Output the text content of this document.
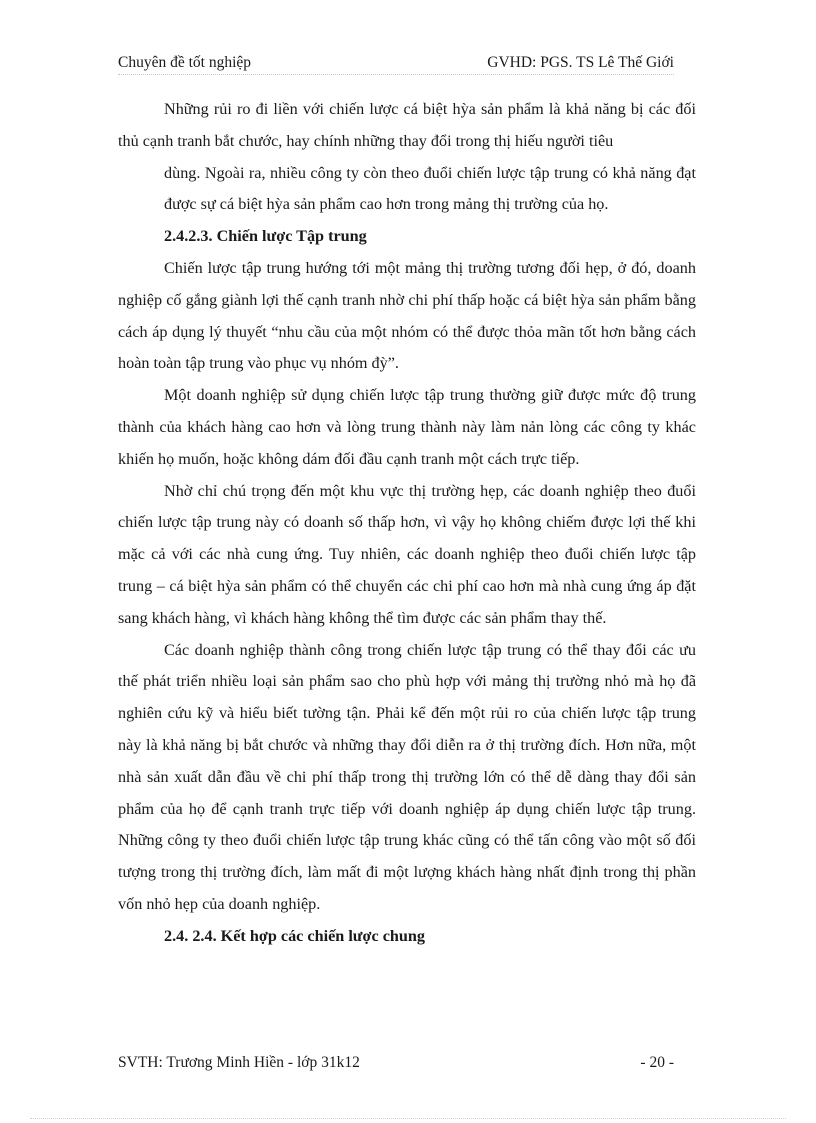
Chuyên đề tốt nghiệp	GVHD: PGS. TS Lê Thế Giới

Những rủi ro đi liền với chiến lược cá biệt hỳa sản phẩm là khả năng bị các đối thủ cạnh tranh bắt chước, hay chính những thay đổi trong thị hiếu người tiêu

dùng. Ngoài ra, nhiều công ty còn theo đuổi chiến lược tập trung có khả năng đạt được sự cá biệt hỳa sản phẩm cao hơn trong mảng thị trường của họ.

2.4.2.3. Chiến lược Tập trung

Chiến lược tập trung hướng tới một mảng thị trường tương đối hẹp, ở đó, doanh nghiệp cố gắng giành lợi thế cạnh tranh nhờ chi phí thấp hoặc cá biệt hỳa sản phẩm bằng cách áp dụng lý thuyết “nhu cầu của một nhóm có thể được thỏa mãn tốt hơn bằng cách hoàn toàn tập trung vào phục vụ nhóm đỳ”.

Một doanh nghiệp sử dụng chiến lược tập trung thường giữ được mức độ trung thành của khách hàng cao hơn và lòng trung thành này làm nản lòng các công ty khác khiến họ muốn, hoặc không dám đối đầu cạnh tranh một cách trực tiếp.

Nhờ chỉ chú trọng đến một khu vực thị trường hẹp, các doanh nghiệp theo đuổi chiến lược tập trung này có doanh số thấp hơn, vì vậy họ không chiếm được lợi thế khi mặc cả với các nhà cung ứng. Tuy nhiên, các doanh nghiệp theo đuổi chiến lược tập trung – cá biệt hỳa sản phẩm có thể chuyển các chi phí cao hơn mà nhà cung ứng áp đặt sang khách hàng, vì khách hàng không thể tìm được các sản phẩm thay thế.

Các doanh nghiệp thành công trong chiến lược tập trung có thể thay đổi các ưu thế phát triển nhiều loại sản phẩm sao cho phù hợp với mảng thị trường nhỏ mà họ đã nghiên cứu kỹ và hiểu biết tường tận. Phải kể đến một rủi ro của chiến lược tập trung này là khả năng bị bắt chước và những thay đổi diễn ra ở thị trường đích. Hơn nữa, một nhà sản xuất dẫn đầu về chi phí thấp trong thị trường lớn có thể dễ dàng thay đổi sản phẩm của họ để cạnh tranh trực tiếp với doanh nghiệp áp dụng chiến lược tập trung. Những công ty theo đuổi chiến lược tập trung khác cũng có thể tấn công vào một số đối tượng trong thị trường đích, làm mất đi một lượng khách hàng nhất định trong thị phần vốn nhỏ hẹp của doanh nghiệp.

2.4. 2.4. Kết hợp các chiến lược chung
SVTH: Trương Minh Hiền - lớp 31k12	- 20 -
